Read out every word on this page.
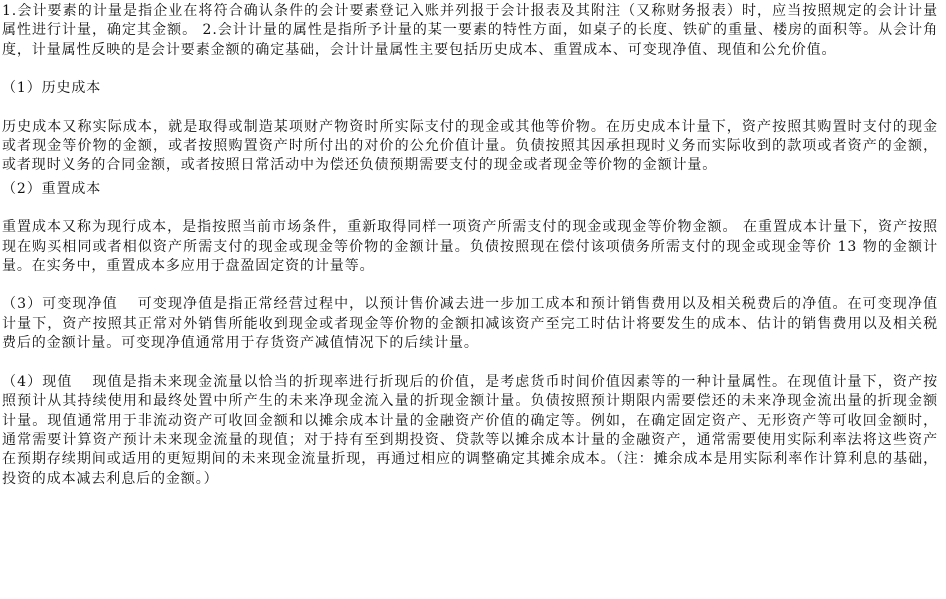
1.会计要素的计量是指企业在将符合确认条件的会计要素登记入账并列报于会计报表及其附注（又称财务报表）时，应当按照规定的会计计量属性进行计量，确定其金额。 2.会计计量的属性是指所予计量的某一要素的特性方面，如桌子的长度、铁矿的重量、楼房的面积等。从会计角度，计量属性反映的是会计要素金额的确定基础，会计计量属性主要包括历史成本、重置成本、可变现净值、现值和公允价值。

（1）历史成本

历史成本又称实际成本，就是取得或制造某项财产物资时所实际支付的现金或其他等价物。在历史成本计量下，资产按照其购置时支付的现金或者现金等价物的金额，或者按照购置资产时所付出的对价的公允价值计量。负债按照其因承担现时义务而实际收到的款项或者资产的金额，或者现时义务的合同金额，或者按照日常活动中为偿还负债预期需要支付的现金或者现金等价物的金额计量。

（2）重置成本

重置成本又称为现行成本，是指按照当前市场条件，重新取得同样一项资产所需支付的现金或现金等价物金额。 在重置成本计量下，资产按照现在购买相同或者相似资产所需支付的现金或现金等价物的金额计量。负债按照现在偿付该项债务所需支付的现金或现金等价 13 物的金额计量。在实务中，重置成本多应用于盘盈固定资的计量等。

（3）可变现净值 可变现净值是指正常经营过程中，以预计售价减去进一步加工成本和预计销售费用以及相关税费后的净值。在可变现净值计量下，资产按照其正常对外销售所能收到现金或者现金等价物的金额扣减该资产至完工时估计将要发生的成本、估计的销售费用以及相关税费后的金额计量。可变现净值通常用于存货资产减值情况下的后续计量。

（4）现值 现值是指未来现金流量以恰当的折现率进行折现后的价值，是考虑货币时间价值因素等的一种计量属性。在现值计量下，资产按照预计从其持续使用和最终处置中所产生的未来净现金流入量的折现金额计量。负债按照预计期限内需要偿还的未来净现金流出量的折现金额计量。现值通常用于非流动资产可收回金额和以摊余成本计量的金融资产价值的确定等。例如，在确定固定资产、无形资产等可收回金额时，通常需要计算资产预计未来现金流量的现值；对于持有至到期投资、贷款等以摊余成本计量的金融资产，通常需要使用实际利率法将这些资产在预期存续期间或适用的更短期间的未来现金流量折现，再通过相应的调整确定其摊余成本。（注：摊余成本是用实际利率作计算利息的基础，投资的成本减去利息后的金额。）
